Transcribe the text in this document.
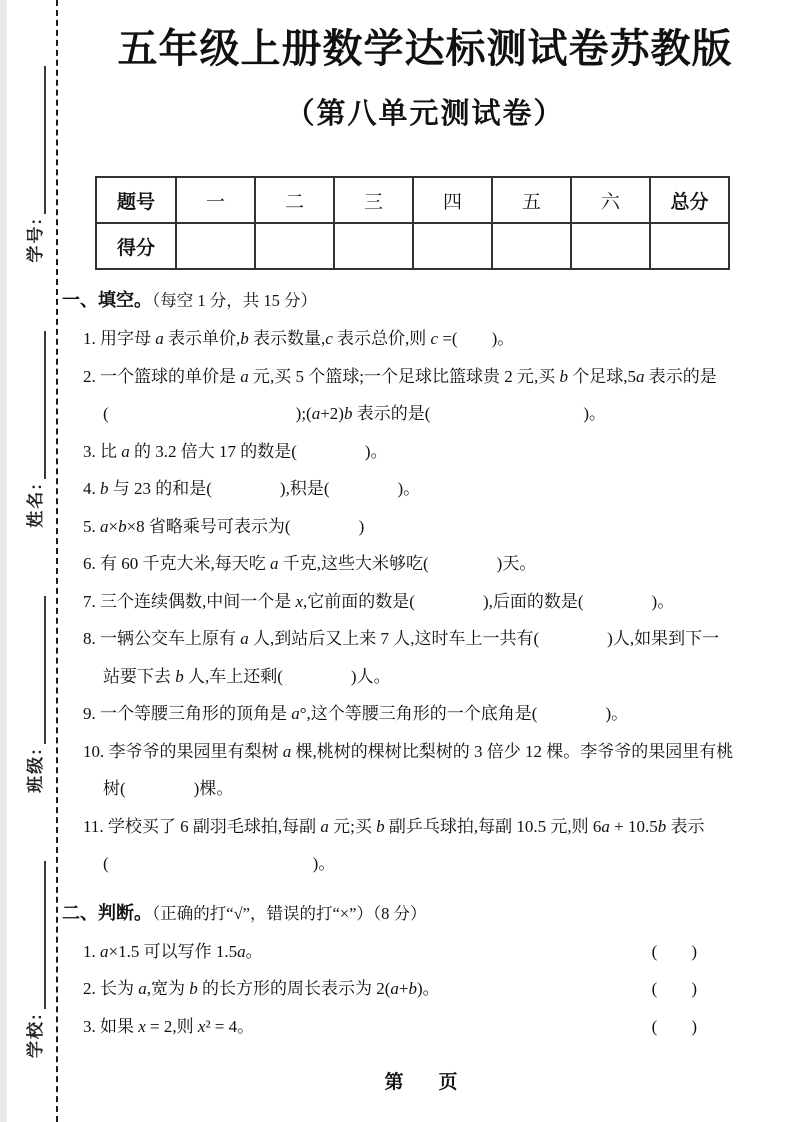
学校:
班级:
姓名:
学号:
五年级上册数学达标测试卷苏教版
（第八单元测试卷）
题号	一	二	三	四	五	六	总分
得分							
一、填空。（每空 1 分，共 15 分）
1. 用字母 a 表示单价,b 表示数量,c 表示总价,则 c =(　　)。
2. 一个篮球的单价是 a 元,买 5 个篮球;一个足球比篮球贵 2 元,买 b 个足球,5a 表示的是
(　　　　　　　　　　　);(a+2)b 表示的是(　　　　　　　　　)。
3. 比 a 的 3.2 倍大 17 的数是(　　　　)。
4. b 与 23 的和是(　　　　),积是(　　　　)。
5. a×b×8 省略乘号可表示为(　　　　)
6. 有 60 千克大米,每天吃 a 千克,这些大米够吃(　　　　)天。
7. 三个连续偶数,中间一个是 x,它前面的数是(　　　　),后面的数是(　　　　)。
8. 一辆公交车上原有 a 人,到站后又上来 7 人,这时车上一共有(　　　　)人,如果到下一
站要下去 b 人,车上还剩(　　　　)人。
9. 一个等腰三角形的顶角是 a°,这个等腰三角形的一个底角是(　　　　)。
10. 李爷爷的果园里有梨树 a 棵,桃树的棵树比梨树的 3 倍少 12 棵。李爷爷的果园里有桃
树(　　　　)棵。
11. 学校买了 6 副羽毛球拍,每副 a 元;买 b 副乒乓球拍,每副 10.5 元,则 6a + 10.5b 表示
(　　　　　　　　　　　　)。
二、判断。（正确的打“√”，错误的打“×”）（8 分）
1. a×1.5 可以写作 1.5a。	(　　)
2. 长为 a,宽为 b 的长方形的周长表示为 2(a+b)。	(　　)
3. 如果 x = 2,则 x² = 4。	(　　)
第　页
